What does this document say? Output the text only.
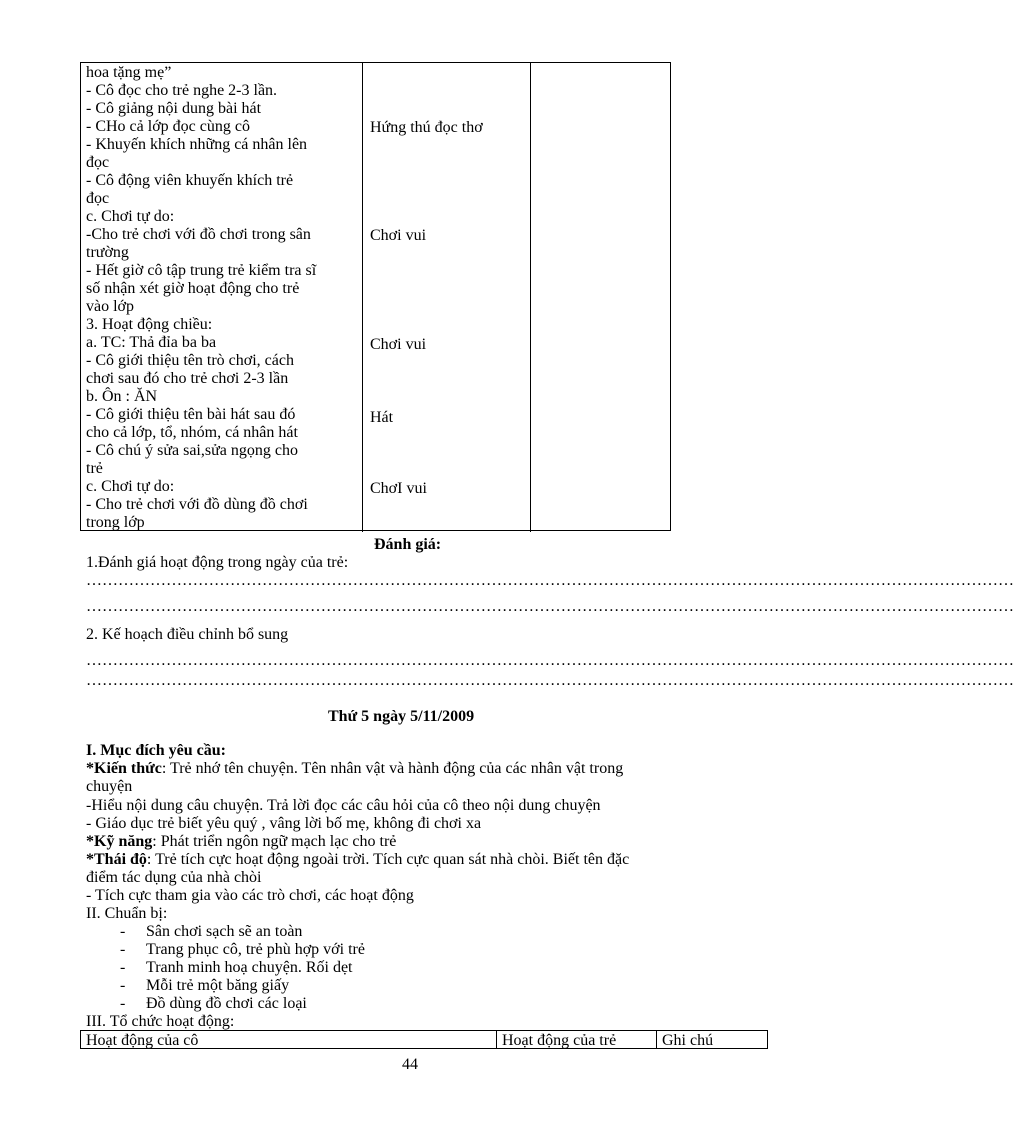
hoa tặng mẹ”
- Cô đọc cho trẻ nghe 2-3 lần.
- Cô giảng nội dung bài hát
- CHo cả lớp đọc cùng cô
- Khuyến khích những cá nhân lên
đọc
- Cô động viên khuyến khích trẻ
đọc
c. Chơi tự do:
-Cho trẻ chơi với đồ chơi trong sân
trường
- Hết giờ cô tập trung trẻ kiểm tra sĩ
số nhận xét giờ hoạt động cho trẻ
vào lớp
3. Hoạt động chiều:
a. TC: Thả đỉa ba ba
- Cô giới thiệu tên trò chơi, cách
chơi sau đó cho trẻ chơi 2-3 lần
b. Ôn : ĂN
- Cô giới thiệu tên bài hát sau đó
cho cả lớp, tổ, nhóm, cá nhân hát
- Cô chú ý sửa sai,sửa ngọng cho
trẻ
c. Chơi tự do:
- Cho trẻ chơi với đồ dùng đồ chơi
trong lớp
Hứng thú đọc thơ
Chơi vui
Chơi vui
Hát
ChơI vui
Đánh giá:
1.Đánh giá hoạt động trong ngày của trẻ:
…………………………………………………………………………………………………………………………………………………………
…………………………………………………………………………………………………………………………………………………………
2. Kế hoạch điều chỉnh bổ sung
…………………………………………………………………………………………………………………………………………………………
…………………………………………………………………………………………………………………………………………………………
Thứ 5 ngày 5/11/2009
I. Mục đích yêu cầu:
*Kiến thức: Trẻ nhớ tên chuyện. Tên nhân vật và hành động của các nhân vật trong
chuyện
-Hiểu nội dung câu chuyện. Trả lời đọc các câu hỏi của cô theo nội dung chuyện
- Giáo dục trẻ biết yêu quý , vâng lời bố mẹ, không đi chơi xa
*Kỹ năng: Phát triển ngôn ngữ mạch lạc cho trẻ
*Thái độ: Trẻ tích cực hoạt động ngoài trời. Tích cực quan sát nhà chòi. Biết tên đặc
điểm tác dụng của nhà chòi
- Tích cực tham gia vào các trò chơi, các hoạt động
II. Chuẩn bị:
- Sân chơi sạch sẽ an toàn
- Trang phục cô, trẻ phù hợp với trẻ
- Tranh minh hoạ chuyện. Rối dẹt
- Mỗi trẻ một băng giấy
- Đồ dùng đồ chơi các loại
III. Tổ chức hoạt động:
Hoạt động của cô	Hoạt động của trẻ	Ghi chú
44
